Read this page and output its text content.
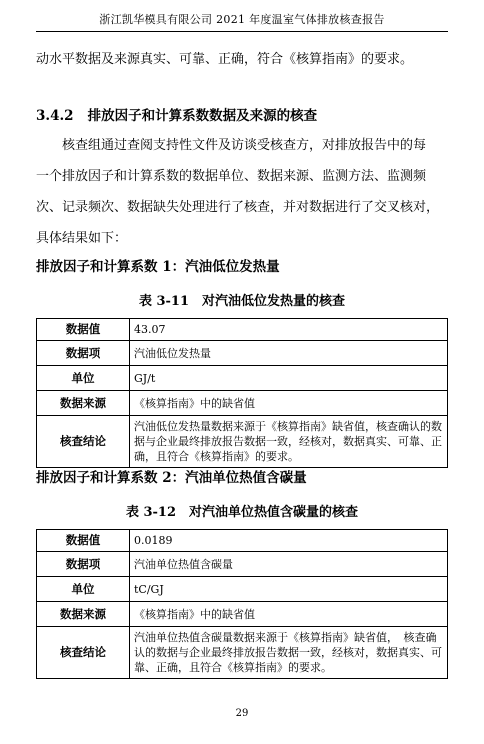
浙江凯华模具有限公司 2021 年度温室气体排放核查报告
动水平数据及来源真实、可靠、正确，符合《核算指南》的要求。
3.4.2 排放因子和计算系数数据及来源的核查
核查组通过查阅支持性文件及访谈受核查方，对排放报告中的每
一个排放因子和计算系数的数据单位、数据来源、监测方法、监测频
次、记录频次、数据缺失处理进行了核查，并对数据进行了交叉核对，
具体结果如下：
排放因子和计算系数 1：汽油低位发热量
表 3-11　对汽油低位发热量的核查
数据值	43.07
数据项	汽油低位发热量
单位	GJ/t
数据来源	《核算指南》中的缺省值
核查结论	汽油低位发热量数据来源于《核算指南》缺省值，核查确认的数据与企业最终排放报告数据一致，经核对，数据真实、可靠、正确，且符合《核算指南》的要求。
排放因子和计算系数 2：汽油单位热值含碳量
表 3-12　对汽油单位热值含碳量的核查
数据值	0.0189
数据项	汽油单位热值含碳量
单位	tC/GJ
数据来源	《核算指南》中的缺省值
核查结论	汽油单位热值含碳量数据来源于《核算指南》缺省值，　核查确认的数据与企业最终排放报告数据一致，经核对，数据真实、可靠、正确，且符合《核算指南》的要求。
29
